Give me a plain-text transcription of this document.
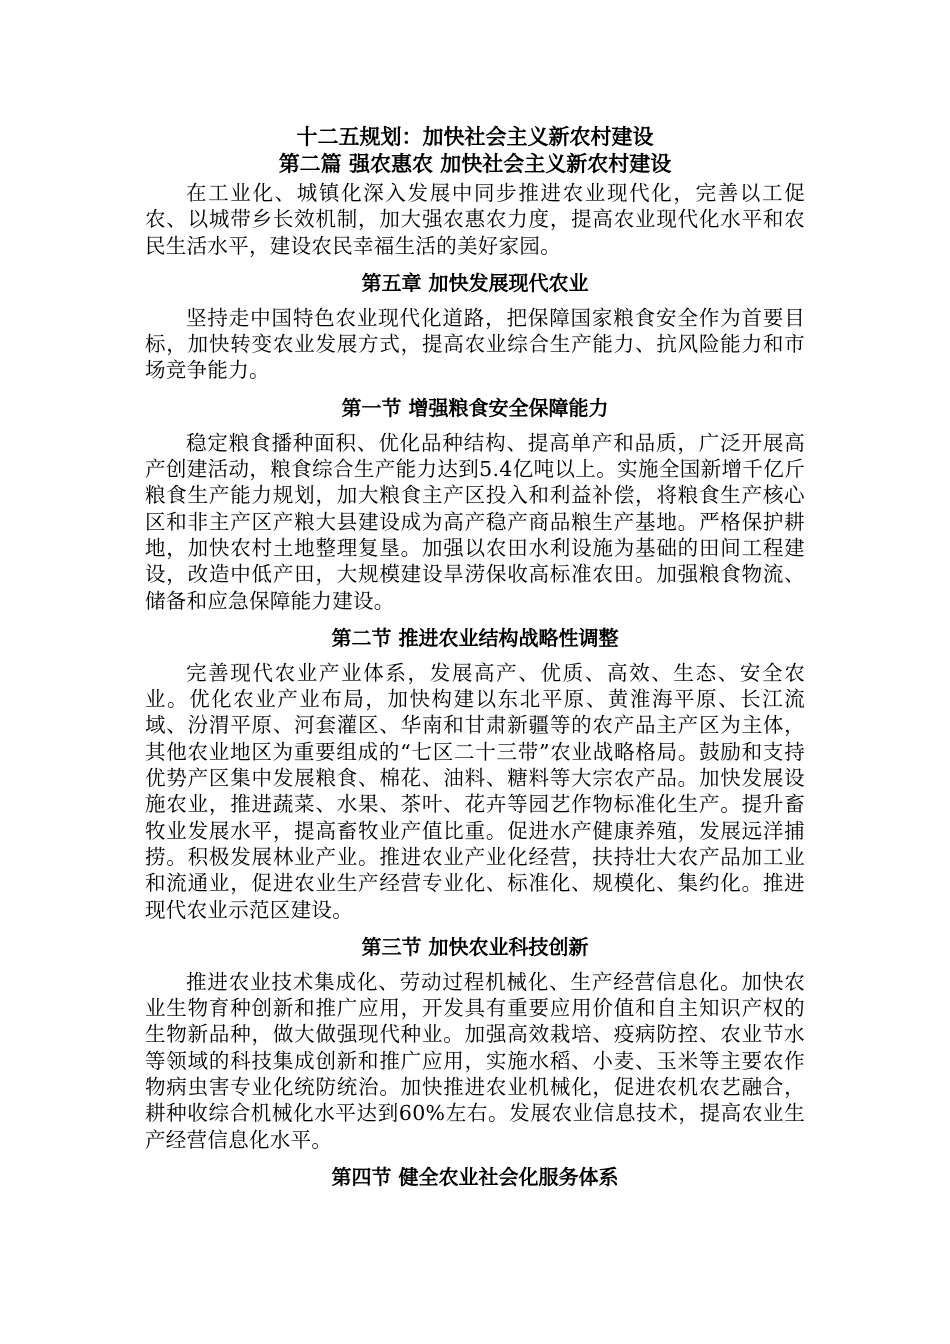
十二五规划：加快社会主义新农村建设
第二篇 强农惠农 加快社会主义新农村建设

在工业化、城镇化深入发展中同步推进农业现代化，完善以工促农、以城带乡长效机制，加大强农惠农力度，提高农业现代化水平和农民生活水平，建设农民幸福生活的美好家园。

第五章 加快发展现代农业

坚持走中国特色农业现代化道路，把保障国家粮食安全作为首要目标，加快转变农业发展方式，提高农业综合生产能力、抗风险能力和市场竞争能力。

第一节 增强粮食安全保障能力

稳定粮食播种面积、优化品种结构、提高单产和品质，广泛开展高产创建活动，粮食综合生产能力达到5.4亿吨以上。实施全国新增千亿斤粮食生产能力规划，加大粮食主产区投入和利益补偿，将粮食生产核心区和非主产区产粮大县建设成为高产稳产商品粮生产基地。严格保护耕地，加快农村土地整理复垦。加强以农田水利设施为基础的田间工程建设，改造中低产田，大规模建设旱涝保收高标准农田。加强粮食物流、储备和应急保障能力建设。

第二节 推进农业结构战略性调整

完善现代农业产业体系，发展高产、优质、高效、生态、安全农业。优化农业产业布局，加快构建以东北平原、黄淮海平原、长江流域、汾渭平原、河套灌区、华南和甘肃新疆等的农产品主产区为主体，其他农业地区为重要组成的“七区二十三带”农业战略格局。鼓励和支持优势产区集中发展粮食、棉花、油料、糖料等大宗农产品。加快发展设施农业，推进蔬菜、水果、茶叶、花卉等园艺作物标准化生产。提升畜牧业发展水平，提高畜牧业产值比重。促进水产健康养殖，发展远洋捕捞。积极发展林业产业。推进农业产业化经营，扶持壮大农产品加工业和流通业，促进农业生产经营专业化、标准化、规模化、集约化。推进现代农业示范区建设。

第三节 加快农业科技创新

推进农业技术集成化、劳动过程机械化、生产经营信息化。加快农业生物育种创新和推广应用，开发具有重要应用价值和自主知识产权的生物新品种，做大做强现代种业。加强高效栽培、疫病防控、农业节水等领域的科技集成创新和推广应用，实施水稻、小麦、玉米等主要农作物病虫害专业化统防统治。加快推进农业机械化，促进农机农艺融合，耕种收综合机械化水平达到60%左右。发展农业信息技术，提高农业生产经营信息化水平。

第四节 健全农业社会化服务体系
